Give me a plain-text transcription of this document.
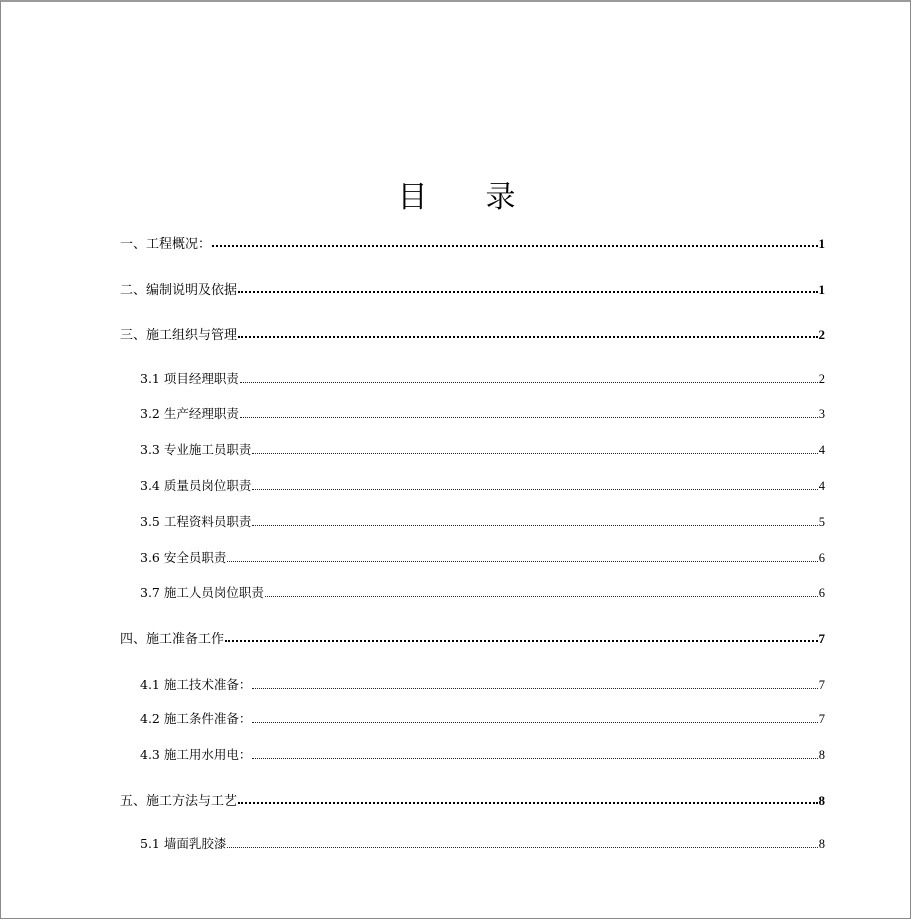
目 录
一、工程概况：	1
二、编制说明及依据	1
三、施工组织与管理	2
3.1 项目经理职责	2
3.2 生产经理职责	3
3.3 专业施工员职责	4
3.4 质量员岗位职责	4
3.5 工程资料员职责	5
3.6 安全员职责	6
3.7 施工人员岗位职责	6
四、施工准备工作	7
4.1 施工技术准备：	7
4.2 施工条件准备：	7
4.3 施工用水用电：	8
五、施工方法与工艺	8
5.1 墙面乳胶漆	8
